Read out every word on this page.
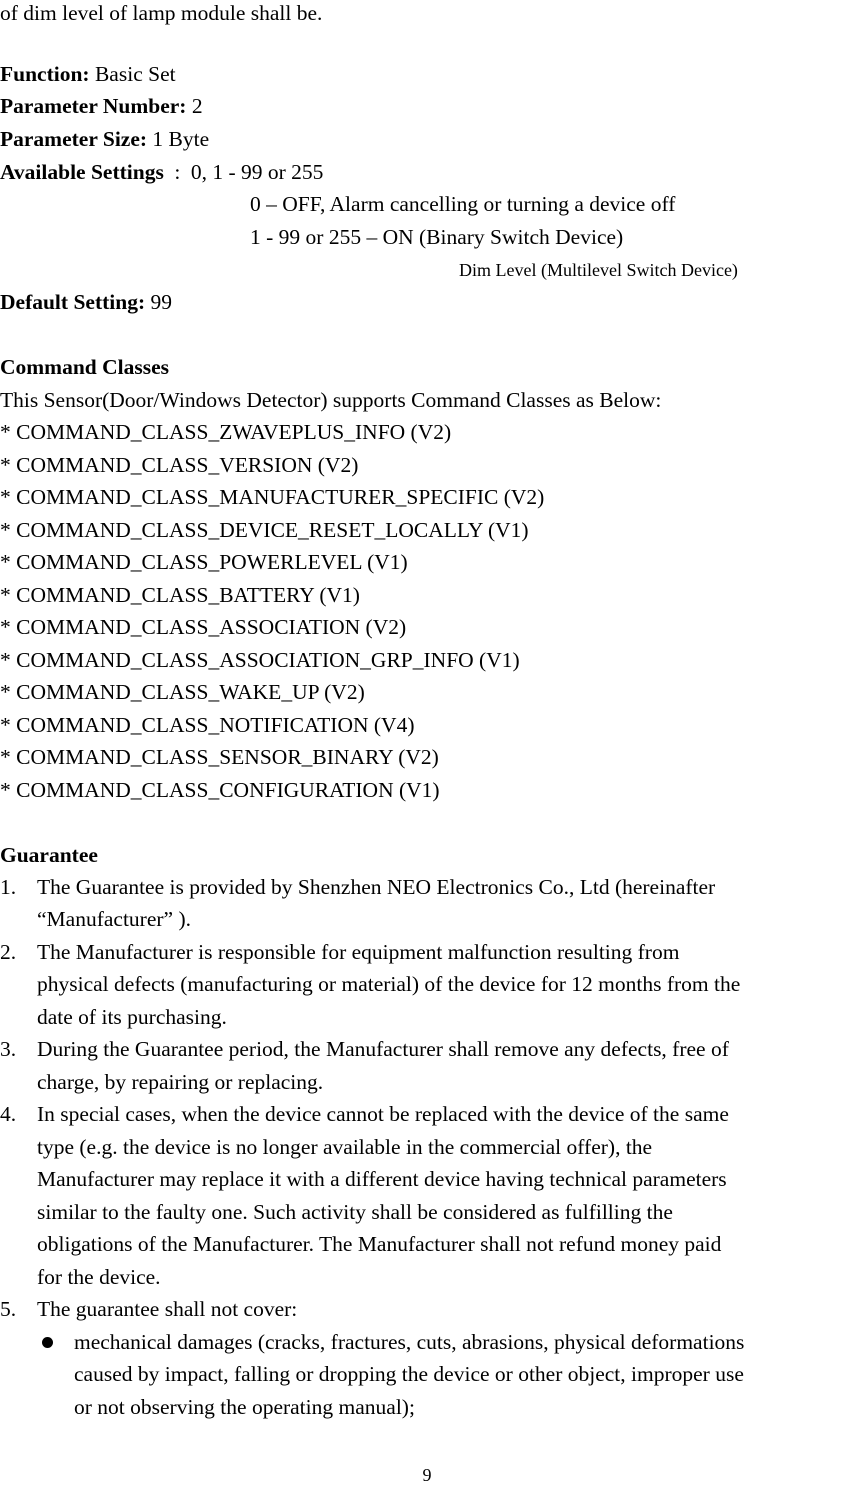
of dim level of lamp module shall be.
Function: Basic Set
Parameter Number: 2
Parameter Size: 1 Byte
Available Settings : 0, 1 - 99 or 255
0 – OFF, Alarm cancelling or turning a device off
1 - 99 or 255 – ON (Binary Switch Device)
Dim Level (Multilevel Switch Device)
Default Setting: 99
Command Classes
This Sensor(Door/Windows Detector) supports Command Classes as Below:
* COMMAND_CLASS_ZWAVEPLUS_INFO (V2)
* COMMAND_CLASS_VERSION (V2)
* COMMAND_CLASS_MANUFACTURER_SPECIFIC (V2)
* COMMAND_CLASS_DEVICE_RESET_LOCALLY (V1)
* COMMAND_CLASS_POWERLEVEL (V1)
* COMMAND_CLASS_BATTERY (V1)
* COMMAND_CLASS_ASSOCIATION (V2)
* COMMAND_CLASS_ASSOCIATION_GRP_INFO (V1)
* COMMAND_CLASS_WAKE_UP (V2)
* COMMAND_CLASS_NOTIFICATION (V4)
* COMMAND_CLASS_SENSOR_BINARY (V2)
* COMMAND_CLASS_CONFIGURATION (V1)
Guarantee
1. The Guarantee is provided by Shenzhen NEO Electronics Co., Ltd (hereinafter
“Manufacturer” ).
2. The Manufacturer is responsible for equipment malfunction resulting from
physical defects (manufacturing or material) of the device for 12 months from the
date of its purchasing.
3. During the Guarantee period, the Manufacturer shall remove any defects, free of
charge, by repairing or replacing.
4. In special cases, when the device cannot be replaced with the device of the same
type (e.g. the device is no longer available in the commercial offer), the
Manufacturer may replace it with a different device having technical parameters
similar to the faulty one. Such activity shall be considered as fulfilling the
obligations of the Manufacturer. The Manufacturer shall not refund money paid
for the device.
5. The guarantee shall not cover:
mechanical damages (cracks, fractures, cuts, abrasions, physical deformations
caused by impact, falling or dropping the device or other object, improper use
or not observing the operating manual);
9
